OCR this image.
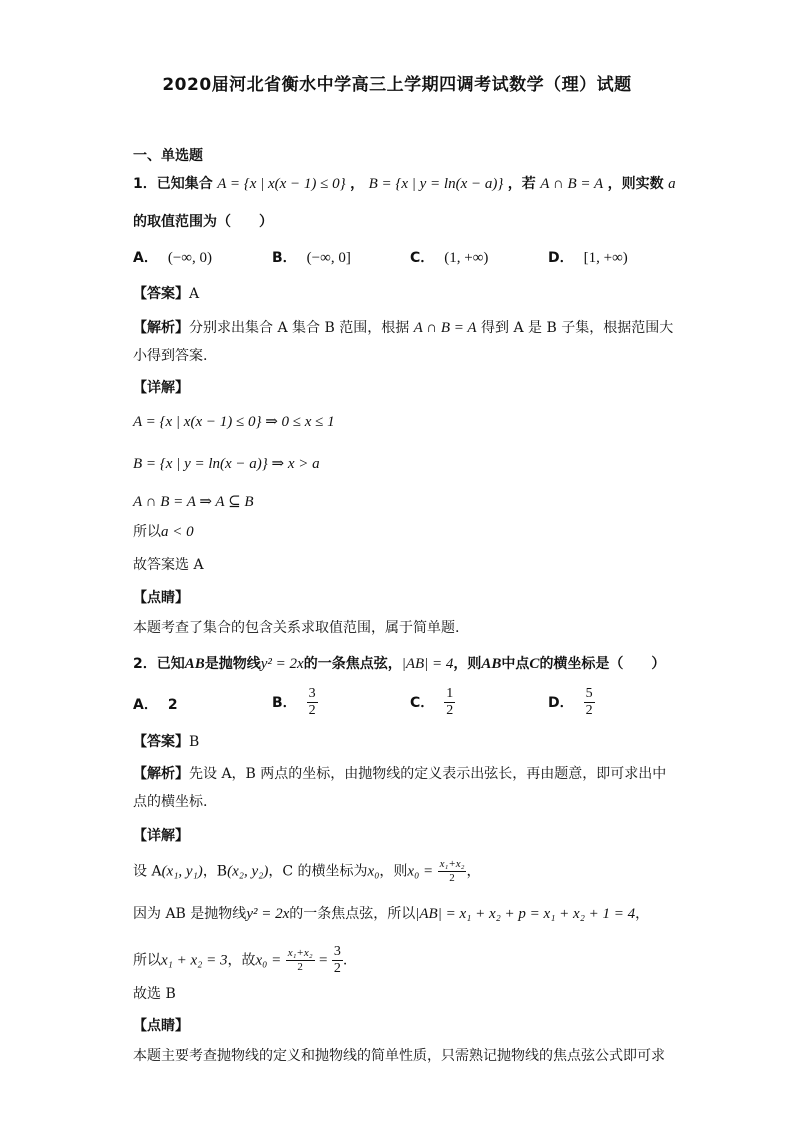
2020届河北省衡水中学高三上学期四调考试数学（理）试题
一、单选题
1．已知集合 A = {x | x(x − 1) ≤ 0} ， B = {x | y = ln(x − a)} ，若 A ∩ B = A ，则实数 a
的取值范围为（　　）
A． (−∞, 0)	B． (−∞, 0]	C． (1, +∞)	D． [1, +∞)
【答案】A
【解析】分别求出集合 A 集合 B 范围，根据 A ∩ B = A 得到 A 是 B 子集，根据范围大
小得到答案.
【详解】
A = {x | x(x − 1) ≤ 0} ⇒ 0 ≤ x ≤ 1
B = {x | y = ln(x − a)} ⇒ x > a
A ∩ B = A ⇒ A ⊆ B
所以a < 0
故答案选 A
【点睛】
本题考查了集合的包含关系求取值范围，属于简单题.
2．已知AB是抛物线y² = 2x的一条焦点弦，|AB| = 4，则AB中点C的横坐标是（　　）
A． 2	B． $\frac{3}{2}$	C． $\frac{1}{2}$	D． $\frac{5}{2}$
【答案】B
【解析】先设 A，B 两点的坐标，由抛物线的定义表示出弦长，再由题意，即可求出中
点的横坐标.
【详解】
设 A(x₁, y₁)，B(x₂, y₂)，C 的横坐标为x₀，则$x_0 = \frac{\text{x₁+x₂}}{2}$ ，
因为 AB 是抛物线y² = 2x的一条焦点弦，所以|AB| = x₁ + x₂ + p = x₁ + x₂ + 1 = 4，
所以x₁ + x₂ = 3，故$x_0 = \frac{\text{x₁+x₂}}{2} = \frac{3}{2}$ .
故选 B
【点睛】
本题主要考查抛物线的定义和抛物线的简单性质，只需熟记抛物线的焦点弦公式即可求
